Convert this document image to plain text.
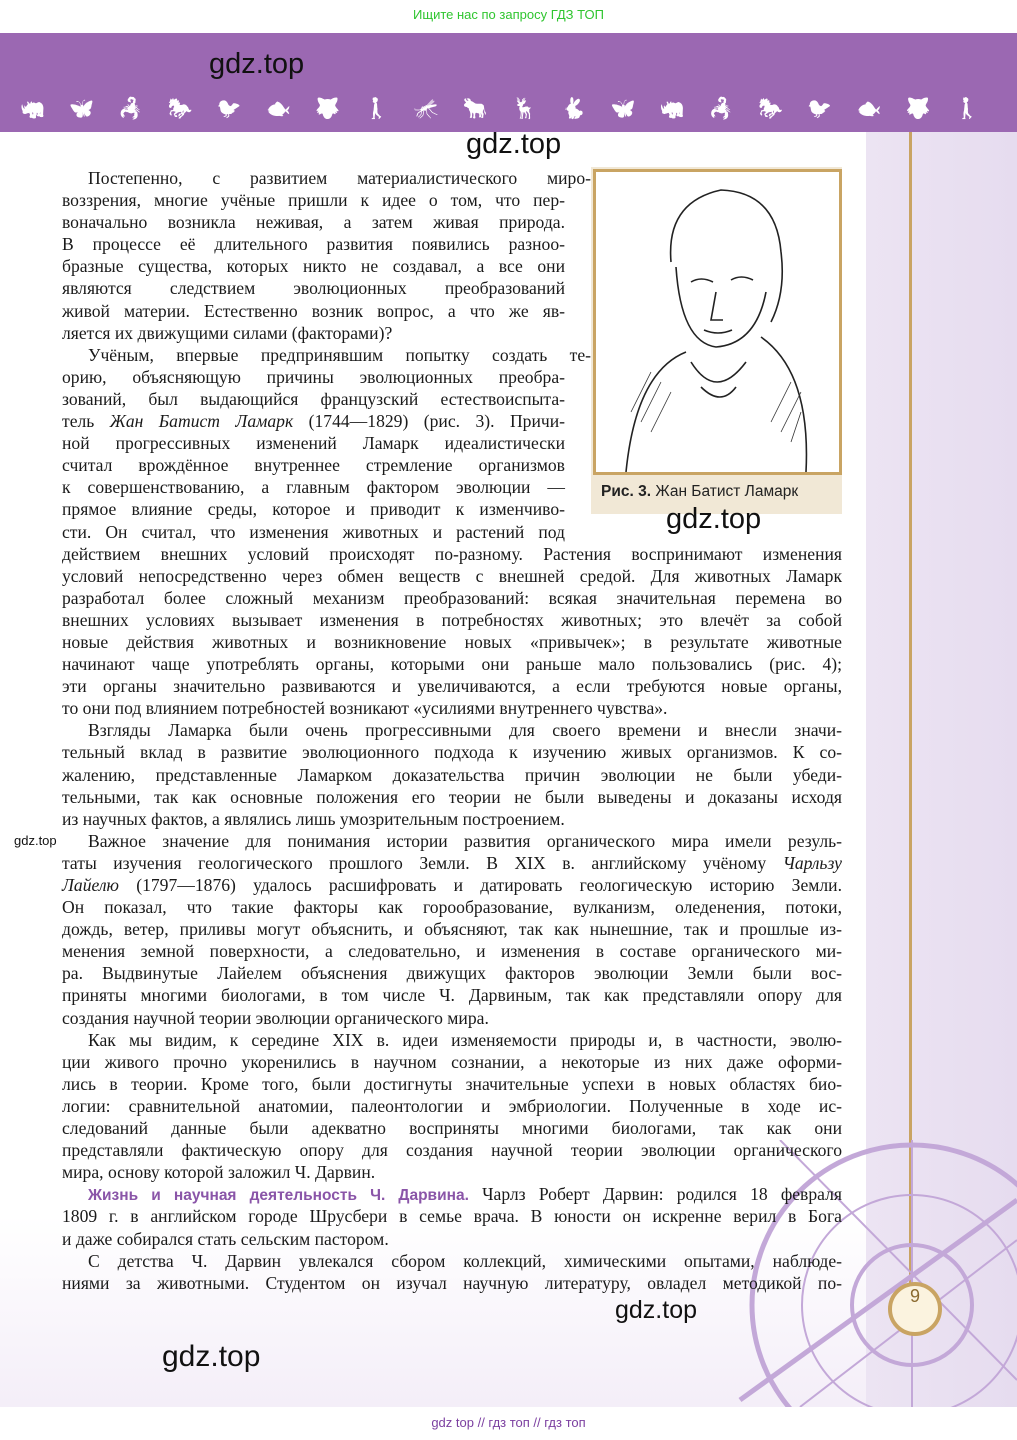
Ищите нас по запросу ГДЗ ТОП
🦏 🦋 🦂 🐎 🐦 🐟 🐺 🚶 🦟 🐂 🦌 🐇 🦋 🦏 🦂 🐎 🐦 🐟 🐺 🚶
gdz.top
gdz.top
Рис. 3. Жан Батист Ламарк
gdz.top
gdz.top
Постепенно, с развитием материалистического миро-
воззрения, многие учёные пришли к идее о том, что пер-
воначально возникла неживая, а затем живая природа.
В процессе её длительного развития появились разноо-
бразные существа, которых никто не создавал, а все они
являются следствием эволюционных преобразований
живой материи. Естественно возник вопрос, а что же яв-
ляется их движущими силами (факторами)?
Учёным, впервые предпринявшим попытку создать те-
орию, объясняющую причины эволюционных преобра-
зований, был выдающийся французский естествоиспыта-
тель Жан Батист Ламарк (1744—1829) (рис. 3). Причи-
ной прогрессивных изменений Ламарк идеалистически
считал врождённое внутреннее стремление организмов
к совершенствованию, а главным фактором эволюции —
прямое влияние среды, которое и приводит к изменчиво-
сти. Он считал, что изменения животных и растений под
действием внешних условий происходят по-разному. Растения воспринимают изменения
условий непосредственно через обмен веществ с внешней средой. Для животных Ламарк
разработал более сложный механизм преобразований: всякая значительная перемена во
внешних условиях вызывает изменения в потребностях животных; это влечёт за собой
новые действия животных и возникновение новых «привычек»; в результате животные
начинают чаще употреблять органы, которыми они раньше мало пользовались (рис. 4);
эти органы значительно развиваются и увеличиваются, а если требуются новые органы,
то они под влиянием потребностей возникают «усилиями внутреннего чувства».
Взгляды Ламарка были очень прогрессивными для своего времени и внесли значи-
тельный вклад в развитие эволюционного подхода к изучению живых организмов. К со-
жалению, представленные Ламарком доказательства причин эволюции не были убеди-
тельными, так как основные положения его теории не были выведены и доказаны исходя
из научных фактов, а являлись лишь умозрительным построением.
Важное значение для понимания истории развития органического мира имели резуль-
таты изучения геологического прошлого Земли. В XIX в. английскому учёному Чарльзу
Лайелю (1797—1876) удалось расшифровать и датировать геологическую историю Земли.
Он показал, что такие факторы как горообразование, вулканизм, оледенения, потоки,
дождь, ветер, приливы могут объяснить, и объясняют, так как нынешние, так и прошлые из-
менения земной поверхности, а следовательно, и изменения в составе органического ми-
ра. Выдвинутые Лайелем объяснения движущих факторов эволюции Земли были вос-
приняты многими биологами, в том числе Ч. Дарвиным, так как представляли опору для
создания научной теории эволюции органического мира.
Как мы видим, к середине XIX в. идеи изменяемости природы и, в частности, эволю-
ции живого прочно укоренились в научном сознании, а некоторые из них даже оформи-
лись в теории. Кроме того, были достигнуты значительные успехи в новых областях био-
логии: сравнительной анатомии, палеонтологии и эмбриологии. Полученные в ходе ис-
следований данные были адекватно восприняты многими биологами, так как они
представляли фактическую опору для создания научной теории эволюции органического
мира, основу которой заложил Ч. Дарвин.
Жизнь и научная деятельность Ч. Дарвина. Чарлз Роберт Дарвин: родился 18 февраля
1809 г. в английском городе Шрусбери в семье врача. В юности он искренне верил в Бога
и даже собирался стать сельским пастором.
С детства Ч. Дарвин увлекался сбором коллекций, химическими опытами, наблюде-
ниями за животными. Студентом он изучал научную литературу, овладел методикой по-
gdz.top
gdz.top
9
gdz top // гдз топ // гдз топ
